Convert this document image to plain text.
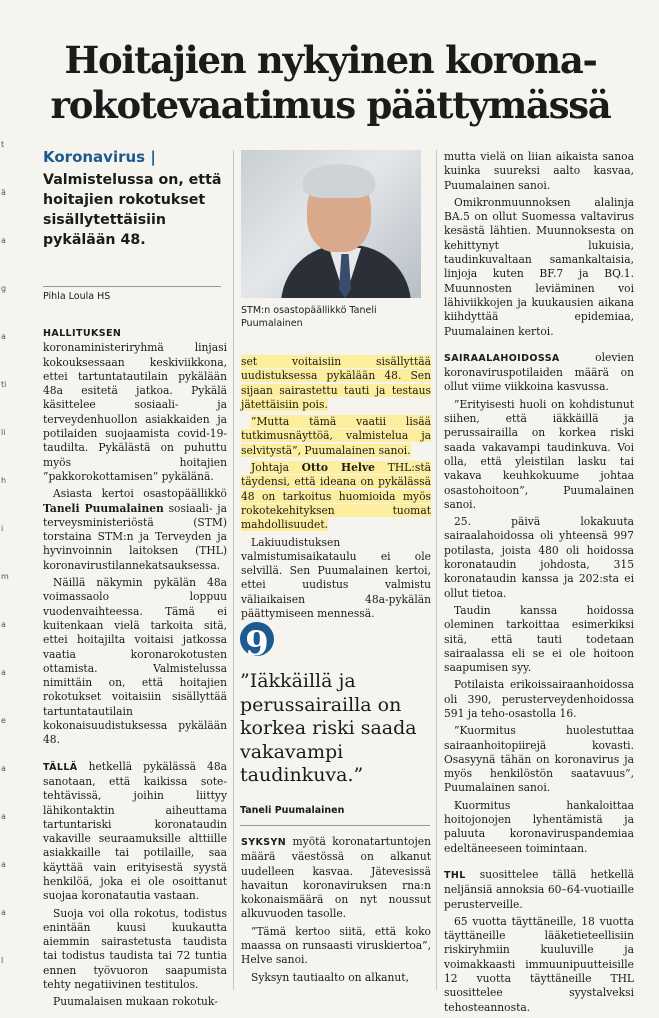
t
ä
a
g
a
ti
li
h
i
m
a
a
e
a
a
a
a
l
Hoitajien nykyinen korona-rokotevaatimus päättymässä
Koronavirus |
Valmistelussa on, että hoitajien rokotukset sisällytettäisiin pykälään 48.
Pihla Loula HS

HALLITUKSEN koronaministeriryhmä linjasi kokouksessaan keskiviikkona, ettei tartuntatautilain pykälään 48a esitetä jatkoa. Pykälä käsittelee sosiaali- ja terveydenhuollon asiakkaiden ja potilaiden suojaamista covid-19-taudilta. Pykälästä on puhuttu myös hoitajien ”pakkorokottamisen” pykälänä.

Asiasta kertoi osastopäällikkö Taneli Puumalainen sosiaali- ja terveysministeriöstä (STM) torstaina STM:n ja Terveyden ja hyvinvoinnin laitoksen (THL) koronavirustilannekatsauksessa.

Näillä näkymin pykälän 48a voimassaolo loppuu vuodenvaihteessa. Tämä ei kuitenkaan vielä tarkoita sitä, ettei hoitajilta voitaisi jatkossa vaatia koronarokotusten ottamista. Valmistelussa nimittäin on, että hoitajien rokotukset voitaisiin sisällyttää tartuntatautilain kokonaisuudistuksessa pykälään 48.

TÄLLÄ hetkellä pykälässä 48a sanotaan, että kaikissa sote-tehtävissä, joihin liittyy lähikontaktin aiheuttama tartuntariski koronataudin vakaville seuraamuksille alttiille asiakkaille tai potilaille, saa käyttää vain erityisestä syystä henkilöä, joka ei ole osoittanut suojaa koronatautia vastaan.

Suoja voi olla rokotus, todistus enintään kuusi kuukautta aiemmin sairastetusta taudista tai todistus taudista tai 72 tuntia ennen työvuoron saapumista tehty negatiivinen testitulos.

Puumalaisen mukaan rokotuk-

STM:n osastopäällikkö Taneli Puumalainen

set voitaisiin sisällyttää uudistuksessa pykälään 48. Sen sijaan sairastettu tauti ja testaus jätettäisiin pois.

”Mutta tämä vaatii lisää tutkimusnäyttöä, valmistelua ja selvitystä”, Puumalainen sanoi.

Johtaja Otto Helve THL:stä täydensi, että ideana on pykälässä 48 on tarkoitus huomioida myös rokotekehityksen tuomat mahdollisuudet.

Lakiuudistuksen valmistumisaikataulu ei ole selvillä. Sen Puumalainen kertoi, ettei uudistus valmistu väliaikaisen 48a-pykälän päättymiseen mennessä.

9
”Iäkkäillä ja perussairailla on korkea riski saada vakavampi taudinkuva.”
Taneli Puumalainen

SYKSYN myötä koronatartuntojen määrä väestössä on alkanut uudelleen kasvaa. Jätevesissä havaitun koronaviruksen rna:n kokonaismäärä on nyt noussut alkuvuoden tasolle.

”Tämä kertoo siitä, että koko maassa on runsaasti viruskiertoa”, Helve sanoi.

Syksyn tautiaalto on alkanut,

mutta vielä on liian aikaista sanoa kuinka suureksi aalto kasvaa, Puumalainen sanoi.

Omikronmuunnoksen alalinja BA.5 on ollut Suomessa valtavirus kesästä lähtien. Muunnoksesta on kehittynyt lukuisia, taudinkuvaltaan samankaltaisia, linjoja kuten BF.7 ja BQ.1. Muunnosten leviäminen voi lähiviikkojen ja kuukausien aikana kiihdyttää epidemiaa, Puumalainen kertoi.

SAIRAALAHOIDOSSA	olevien koronaviruspotilaiden määrä on ollut viime viikkoina kasvussa.

”Erityisesti huoli on kohdistunut siihen, että iäkkäillä ja perussairailla on korkea riski saada vakavampi taudinkuva. Voi olla, että yleistilan lasku tai vakava keuhkokuume johtaa osastohoitoon”, Puumalainen sanoi.

25. päivä lokakuuta sairaalahoidossa oli yhteensä 997 potilasta, joista 480 oli hoidossa koronataudin johdosta, 315 koronataudin kanssa ja 202:sta ei ollut tietoa.

Taudin kanssa hoidossa oleminen tarkoittaa esimerkiksi sitä, että tauti todetaan sairaalassa eli se ei ole hoitoon saapumisen syy.

Potilaista erikoissairaanhoidossa oli 390, perusterveydenhoidossa 591 ja teho-osastolla 16.

”Kuormitus huolestuttaa sairaanhoitopiirejä kovasti. Osasyynä tähän on koronavirus ja myös henkilöstön saatavuus”, Puumalainen sanoi.

Kuormitus hankaloittaa hoitojonojen lyhentämistä ja paluuta koronaviruspandemiaa edeltäneeseen toimintaan.

THL suosittelee tällä hetkellä neljänsiä annoksia 60–64-vuotiaille perusterveille.

65 vuotta täyttäneille, 18 vuotta täyttäneille lääketieteellisiin riskiryhmiin kuuluville ja voimakkaasti immuunipuutteisille 12 vuotta täyttäneille THL suosittelee syystalveksi tehosteannosta.
